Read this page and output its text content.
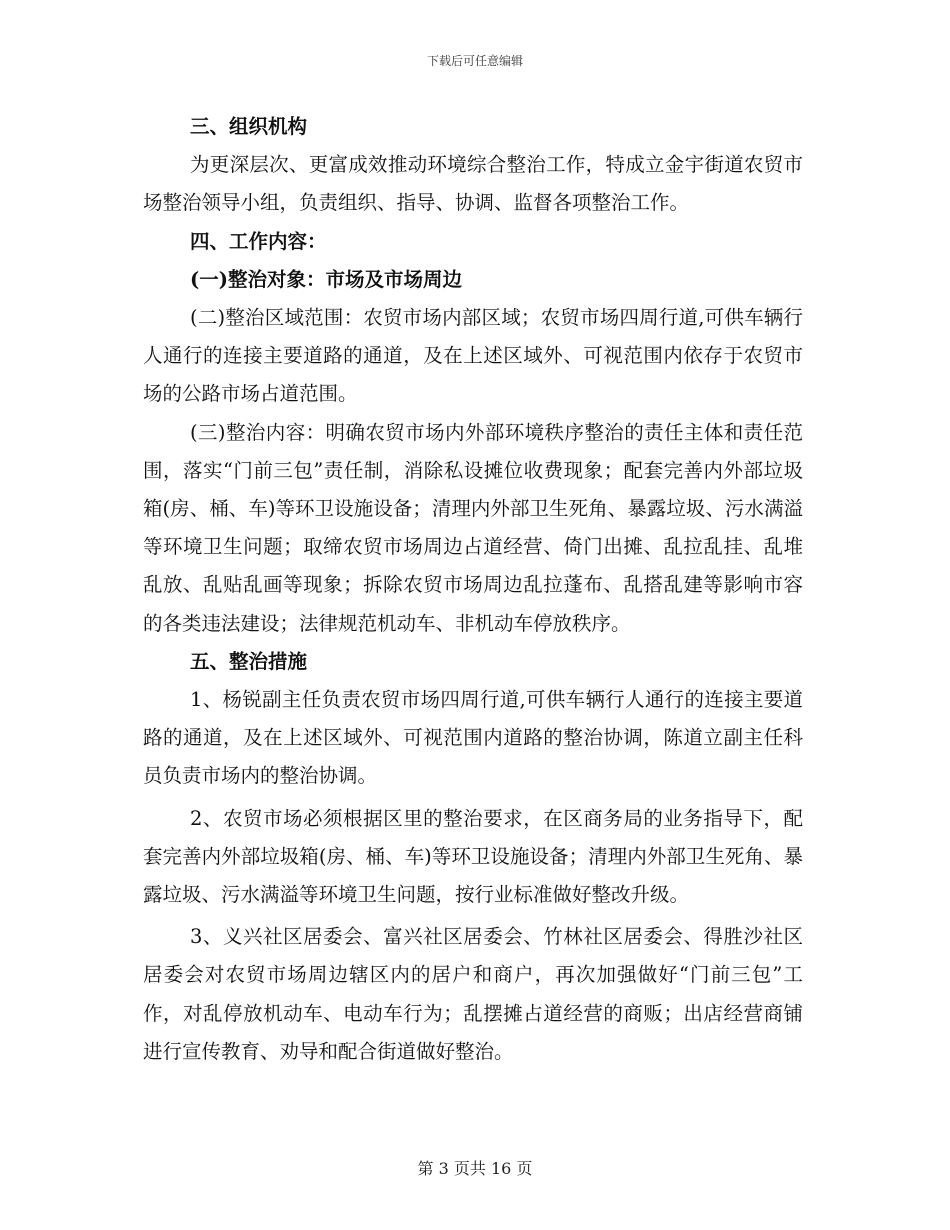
下载后可任意编辑

三、组织机构

为更深层次、更富成效推动环境综合整治工作，特成立金宇街道农贸市场整治领导小组，负责组织、指导、协调、监督各项整治工作。

四、工作内容：

(一)整治对象：市场及市场周边

(二)整治区域范围：农贸市场内部区域；农贸市场四周行道,可供车辆行人通行的连接主要道路的通道，及在上述区域外、可视范围内依存于农贸市场的公路市场占道范围。

(三)整治内容：明确农贸市场内外部环境秩序整治的责任主体和责任范围，落实“门前三包”责任制，消除私设摊位收费现象；配套完善内外部垃圾箱(房、桶、车)等环卫设施设备；清理内外部卫生死角、暴露垃圾、污水满溢等环境卫生问题；取缔农贸市场周边占道经营、倚门出摊、乱拉乱挂、乱堆乱放、乱贴乱画等现象；拆除农贸市场周边乱拉蓬布、乱搭乱建等影响市容的各类违法建设；法律规范机动车、非机动车停放秩序。

五、整治措施

1、杨锐副主任负责农贸市场四周行道,可供车辆行人通行的连接主要道路的通道，及在上述区域外、可视范围内道路的整治协调，陈道立副主任科员负责市场内的整治协调。

2、农贸市场必须根据区里的整治要求，在区商务局的业务指导下，配套完善内外部垃圾箱(房、桶、车)等环卫设施设备；清理内外部卫生死角、暴露垃圾、污水满溢等环境卫生问题，按行业标准做好整改升级。

3、义兴社区居委会、富兴社区居委会、竹林社区居委会、得胜沙社区居委会对农贸市场周边辖区内的居户和商户，再次加强做好“门前三包”工作，对乱停放机动车、电动车行为；乱摆摊占道经营的商贩；出店经营商铺进行宣传教育、劝导和配合街道做好整治。

第 3 页共 16 页
